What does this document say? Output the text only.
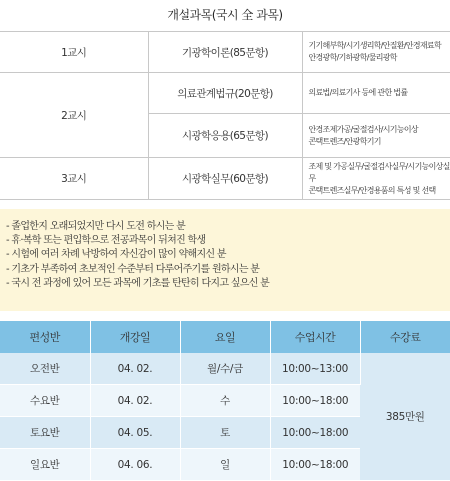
개설과목(국시 全 과목)
1교시	기광학이론(85문항)	기기해부학/시기생리학/안질환/안경재료학
안경광학/기하광학/물리광학

2교시	의료관계법규(20문항)	의료법/의료기사 등에 관한 법률

	시광학응용(65문항)	안경조제가공/굴절검사/시기능이상
콘택트렌즈/안광학기기

3교시	시광학실무(60문항)	조제 및 가공실무/굴절검사실무/시기능이상실무
콘택트렌즈실무/안경용품의 특성 및 선택
- 졸업한지 오래되었지만 다시 도전 하시는 분
- 휴·복학 또는 편입학으로 전공과목이 뒤쳐진 학생
- 시험에 여러 차례 낙방하여 자신감이 많이 약해지신 분
- 기초가 부족하여 초보적인 수준부터 다루어주기를 원하시는 분
- 국시 전 과정에 있어 모든 과목에 기초를 탄탄히 다지고 싶으신 분
편성반	개강일	요일	수업시간	수강료
오전반	04. 02.	월/수/금	10:00~13:00	385만원
수요반	04. 02.	수	10:00~18:00	
토요반	04. 05.	토	10:00~18:00	
일요반	04. 06.	일	10:00~18:00	
